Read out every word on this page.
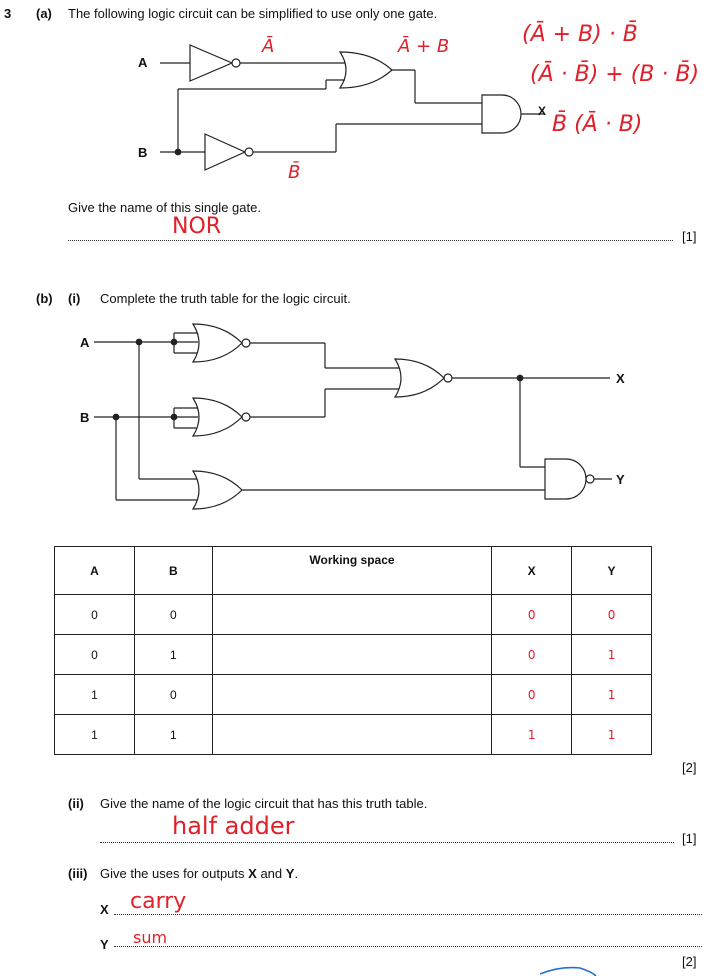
3 (a) The following logic circuit can be simplified to use only one gate.
A
B
X
Ā	Ā + B
B̄
(Ā + B) · B̄
(Ā · B̄) + (B · B̄)
B̄ (Ā · B)
Give the name of this single gate.
NOR	[1]
(b) (i) Complete the truth table for the logic circuit.
A
B
X
Y
A	B	Working space	X	Y
0	0		0	0
0	1		0	1
1	0		0	1
1	1		1	1
[2]
(ii) Give the name of the logic circuit that has this truth table.
half adder	[1]
(iii) Give the uses for outputs X and Y.
X carry
Y sum
[2]
